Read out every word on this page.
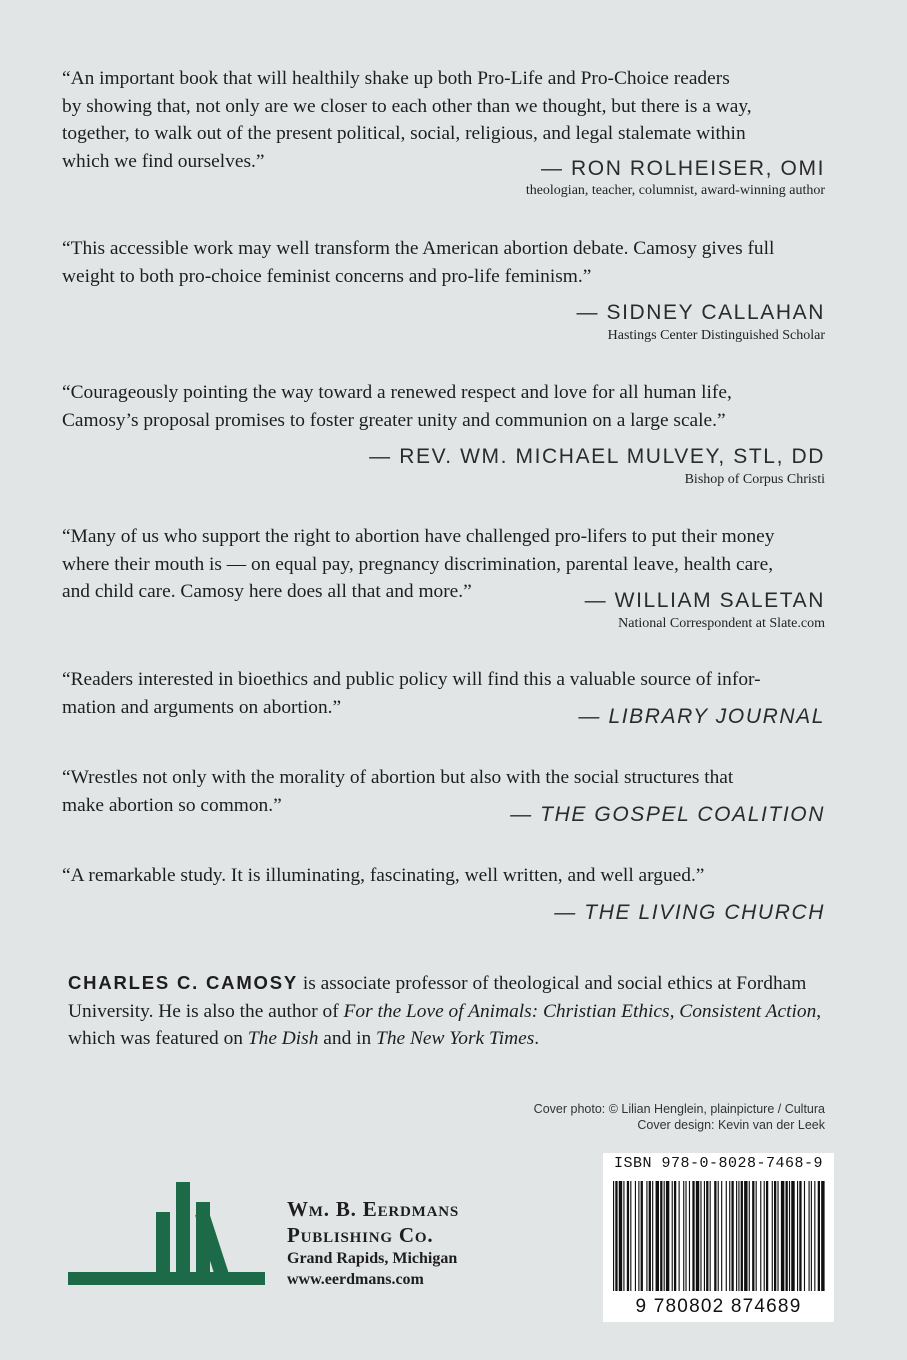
“An important book that will healthily shake up both Pro-Life and Pro-Choice readers
by showing that, not only are we closer to each other than we thought, but there is a way,
together, to walk out of the present political, social, religious, and legal stalemate within
which we find ourselves.”	— RON ROLHEISER, OMI
theologian, teacher, columnist, award-winning author
“This accessible work may well transform the American abortion debate. Camosy gives full
weight to both pro-choice feminist concerns and pro-life feminism.”
— SIDNEY CALLAHAN
Hastings Center Distinguished Scholar
“Courageously pointing the way toward a renewed respect and love for all human life,
Camosy’s proposal promises to foster greater unity and communion on a large scale.”
— REV. WM. MICHAEL MULVEY, STL, DD
Bishop of Corpus Christi
“Many of us who support the right to abortion have challenged pro-lifers to put their money
where their mouth is — on equal pay, pregnancy discrimination, parental leave, health care,
and child care. Camosy here does all that and more.”	— WILLIAM SALETAN
National Correspondent at Slate.com
“Readers interested in bioethics and public policy will find this a valuable source of infor-
mation and arguments on abortion.”	— LIBRARY JOURNAL
“Wrestles not only with the morality of abortion but also with the social structures that
make abortion so common.”	— THE GOSPEL COALITION
“A remarkable study. It is illuminating, fascinating, well written, and well argued.”
— THE LIVING CHURCH
CHARLES C. CAMOSY is associate professor of theological and social ethics at Fordham University. He is also the author of For the Love of Animals: Christian Ethics, Consistent Action, which was featured on The Dish and in The New York Times.
Cover photo: © Lilian Henglein, plainpicture / Cultura
Cover design: Kevin van der Leek
Wm. B. Eerdmans
Publishing Co.
Grand Rapids, Michigan
www.eerdmans.com
ISBN 978-0-8028-7468-9
9 780802 874689
